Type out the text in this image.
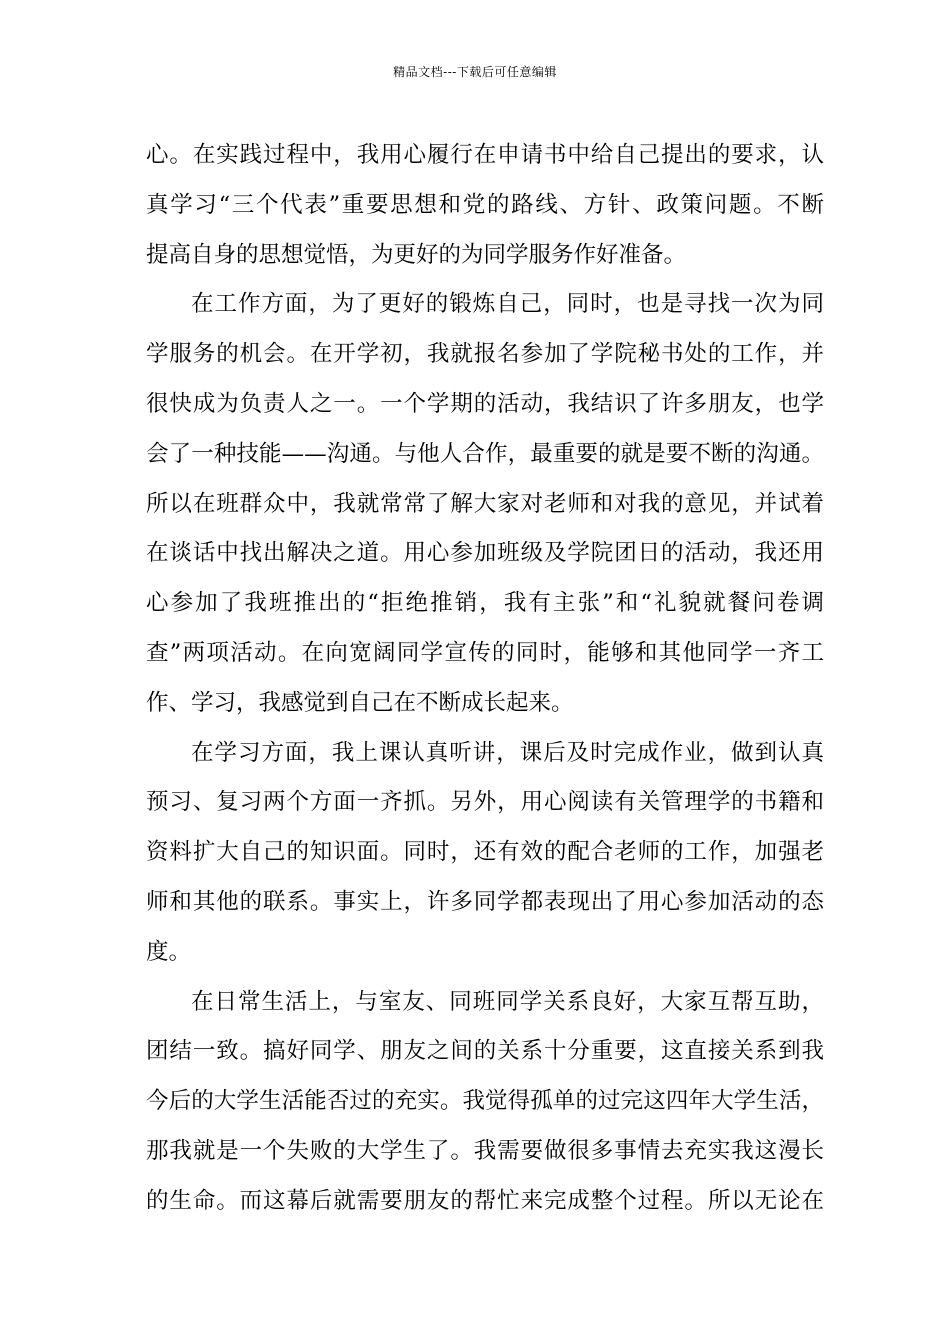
精品文档---下载后可任意编辑
心。在实践过程中，我用心履行在申请书中给自己提出的要求，认
真学习“三个代表”重要思想和党的路线、方针、政策问题。不断
提高自身的思想觉悟，为更好的为同学服务作好准备。
在工作方面，为了更好的锻炼自己，同时，也是寻找一次为同
学服务的机会。在开学初，我就报名参加了学院秘书处的工作，并
很快成为负责人之一。一个学期的活动，我结识了许多朋友，也学
会了一种技能——沟通。与他人合作，最重要的就是要不断的沟通。
所以在班群众中，我就常常了解大家对老师和对我的意见，并试着
在谈话中找出解决之道。用心参加班级及学院团日的活动，我还用
心参加了我班推出的“拒绝推销，我有主张”和“礼貌就餐问卷调
查”两项活动。在向宽阔同学宣传的同时，能够和其他同学一齐工
作、学习，我感觉到自己在不断成长起来。
在学习方面，我上课认真听讲，课后及时完成作业，做到认真
预习、复习两个方面一齐抓。另外，用心阅读有关管理学的书籍和
资料扩大自己的知识面。同时，还有效的配合老师的工作，加强老
师和其他的联系。事实上，许多同学都表现出了用心参加活动的态
度。
在日常生活上，与室友、同班同学关系良好，大家互帮互助，
团结一致。搞好同学、朋友之间的关系十分重要，这直接关系到我
今后的大学生活能否过的充实。我觉得孤单的过完这四年大学生活，
那我就是一个失败的大学生了。我需要做很多事情去充实我这漫长
的生命。而这幕后就需要朋友的帮忙来完成整个过程。所以无论在
